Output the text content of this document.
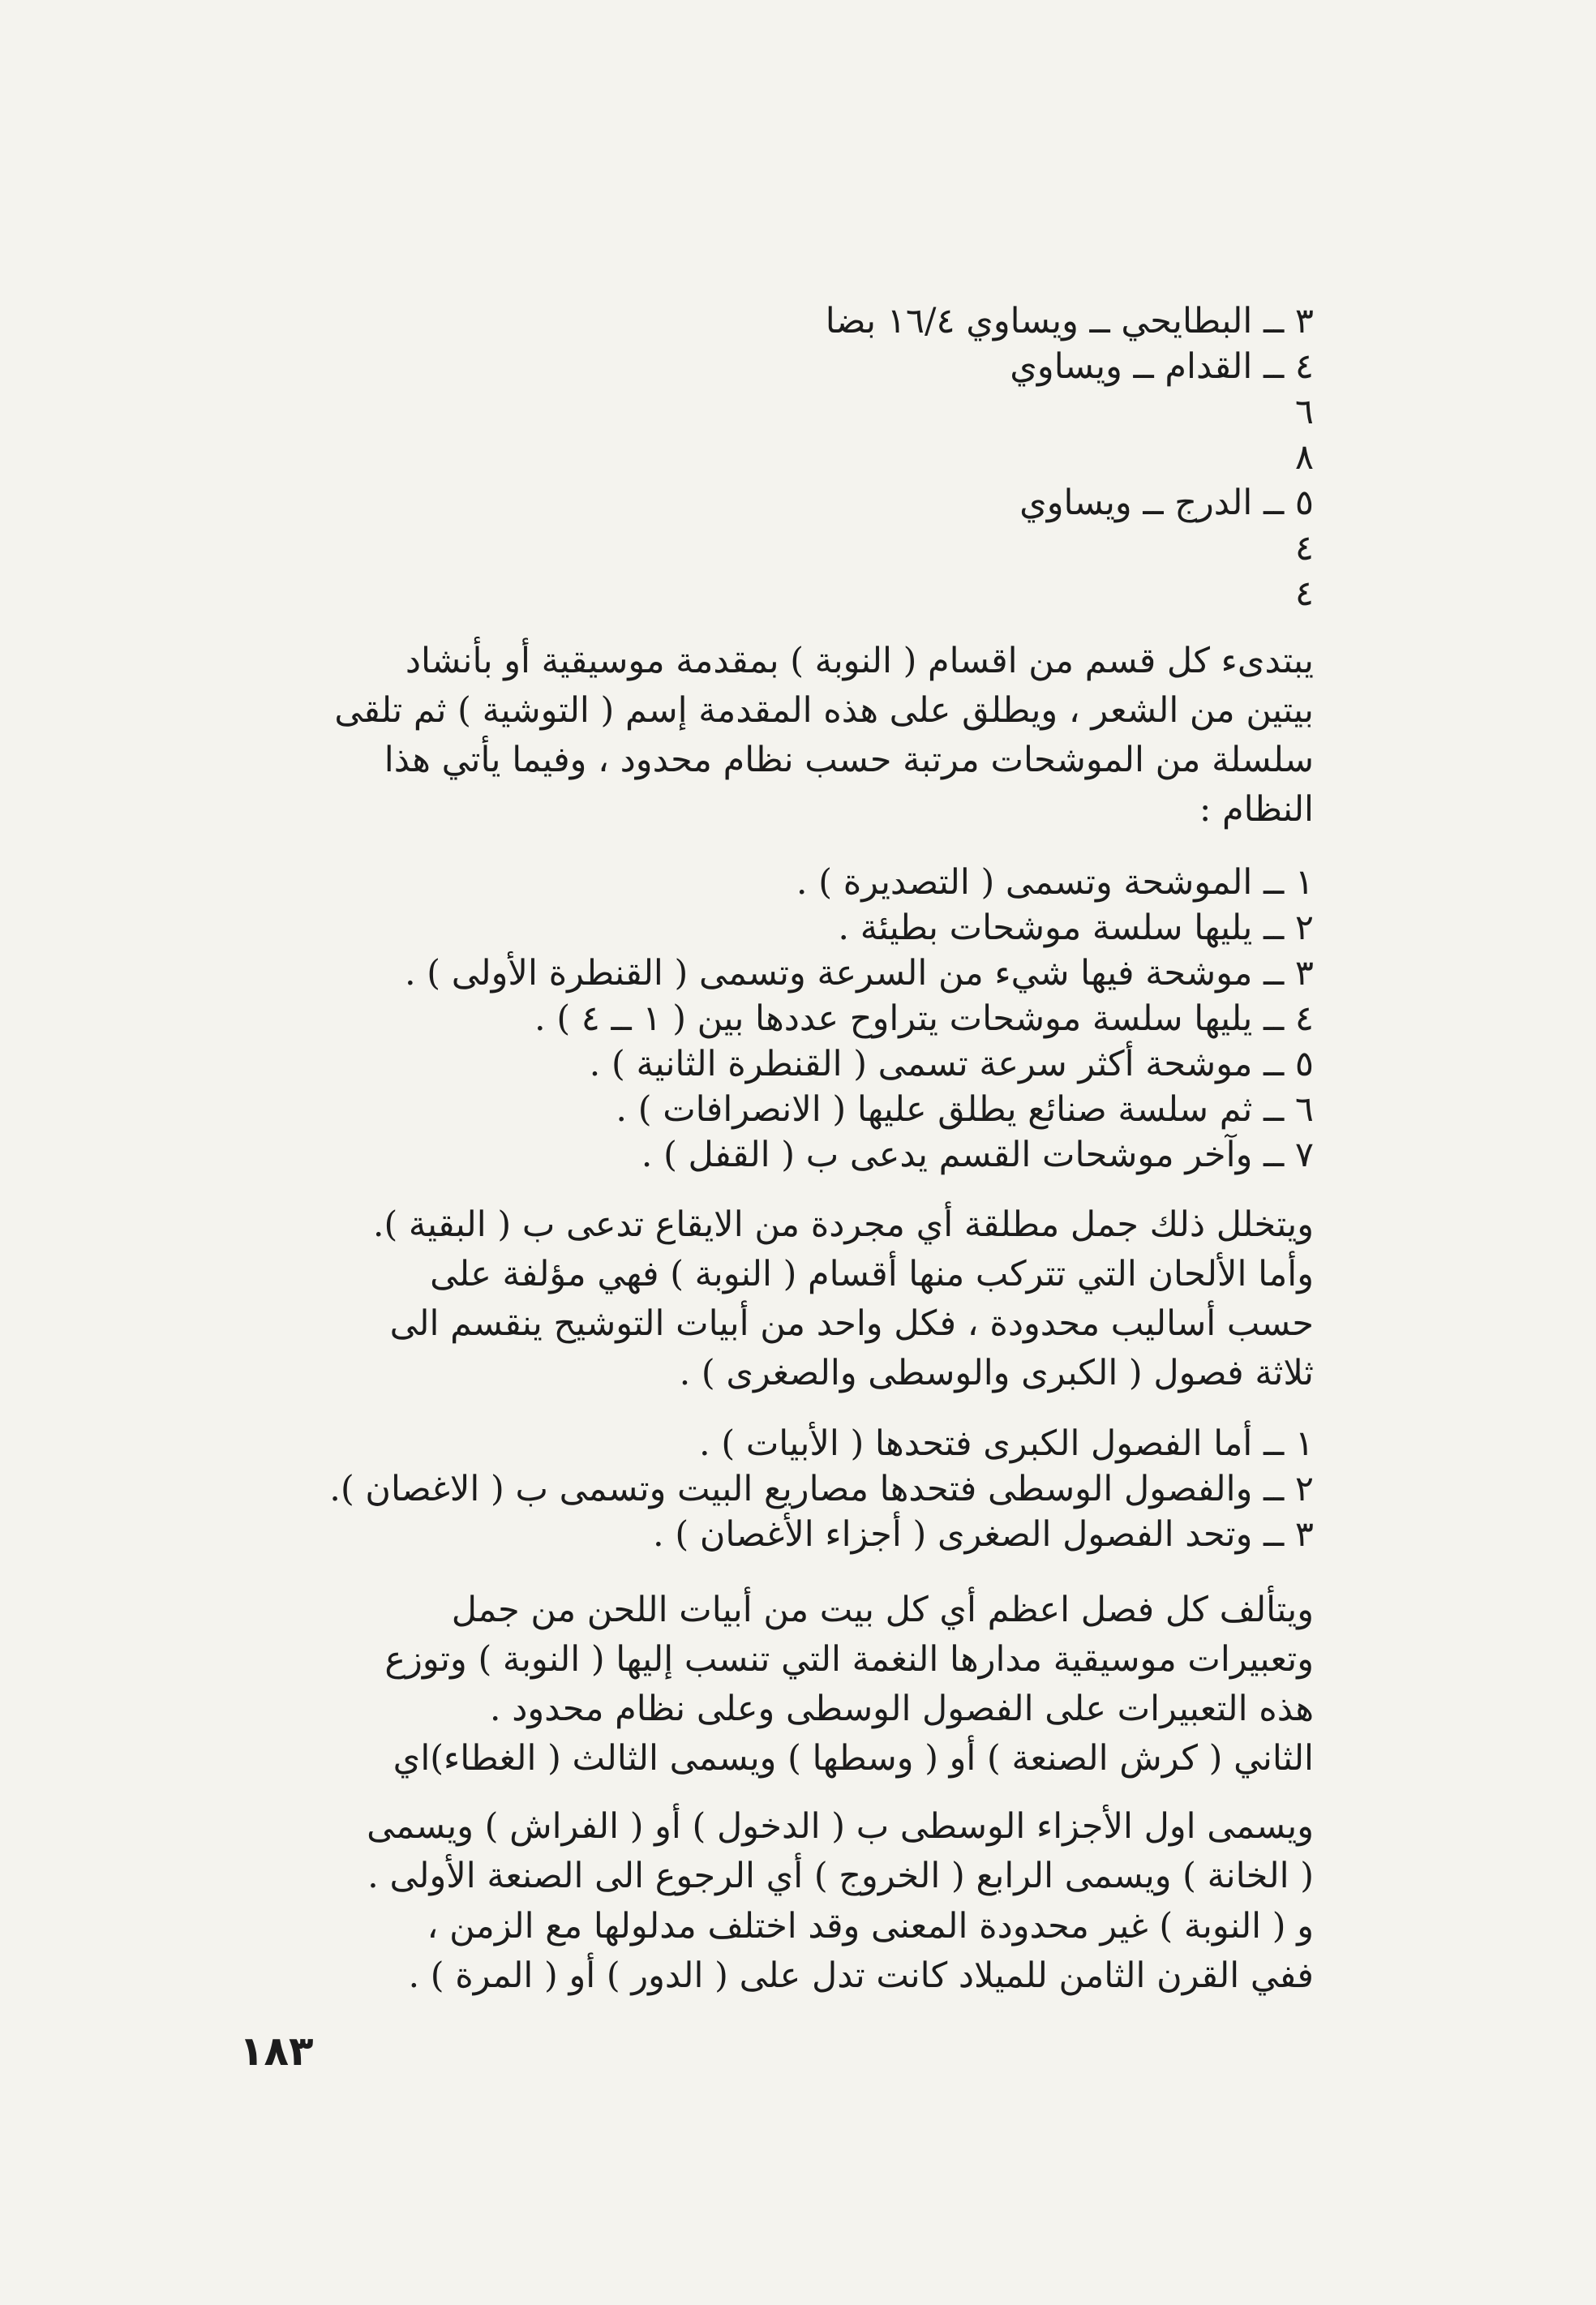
٣ ــ البطايحي ــ ويساوي ١٦/٤ بضا
٤ ــ القدام ــ ويساوي
٦
٨
٥ ــ الدرج ــ ويساوي
٤
٤
يبتدىء كل قسم من اقسام ( النوبة ) بمقدمة موسيقية أو بأنشاد
بيتين من الشعر ، ويطلق على هذه المقدمة إسم ( التوشية ) ثم تلقى
سلسلة من الموشحات مرتبة حسب نظام محدود ، وفيما يأتي هذا
النظام :
١ ــ الموشحة وتسمى ( التصديرة ) .
٢ ــ يليها سلسة موشحات بطيئة .
٣ ــ موشحة فيها شيء من السرعة وتسمى ( القنطرة الأولى ) .
٤ ــ يليها سلسة موشحات يتراوح عددها بين ( ١ ــ ٤ ) .
٥ ــ موشحة أكثر سرعة تسمى ( القنطرة الثانية ) .
٦ ــ ثم سلسة صنائع يطلق عليها ( الانصرافات ) .
٧ ــ وآخر موشحات القسم يدعى ب ( القفل ) .
ويتخلل ذلك جمل مطلقة أي مجردة من الايقاع تدعى ب ( البقية ).
وأما الألحان التي تتركب منها أقسام ( النوبة ) فهي مؤلفة على
حسب أساليب محدودة ، فكل واحد من أبيات التوشيح ينقسم الى
ثلاثة فصول ( الكبرى والوسطى والصغرى ) .
١ ــ أما الفصول الكبرى فتحدها ( الأبيات ) .
٢ ــ والفصول الوسطى فتحدها مصاريع البيت وتسمى ب ( الاغصان ).
٣ ــ وتحد الفصول الصغرى ( أجزاء الأغصان ) .
ويتألف كل فصل اعظم أي كل بيت من أبيات اللحن من جمل
وتعبيرات موسيقية مدارها النغمة التي تنسب إليها ( النوبة ) وتوزع
هذه التعبيرات على الفصول الوسطى وعلى نظام محدود .
الثاني ( كرش الصنعة ) أو ( وسطها ) ويسمى الثالث ( الغطاء)اي
ويسمى اول الأجزاء الوسطى ب ( الدخول ) أو ( الفراش ) ويسمى
( الخانة ) ويسمى الرابع ( الخروج ) أي الرجوع الى الصنعة الأولى .
و ( النوبة ) غير محدودة المعنى وقد اختلف مدلولها مع الزمن ،
ففي القرن الثامن للميلاد كانت تدل على ( الدور ) أو ( المرة ) .
١٨٣
